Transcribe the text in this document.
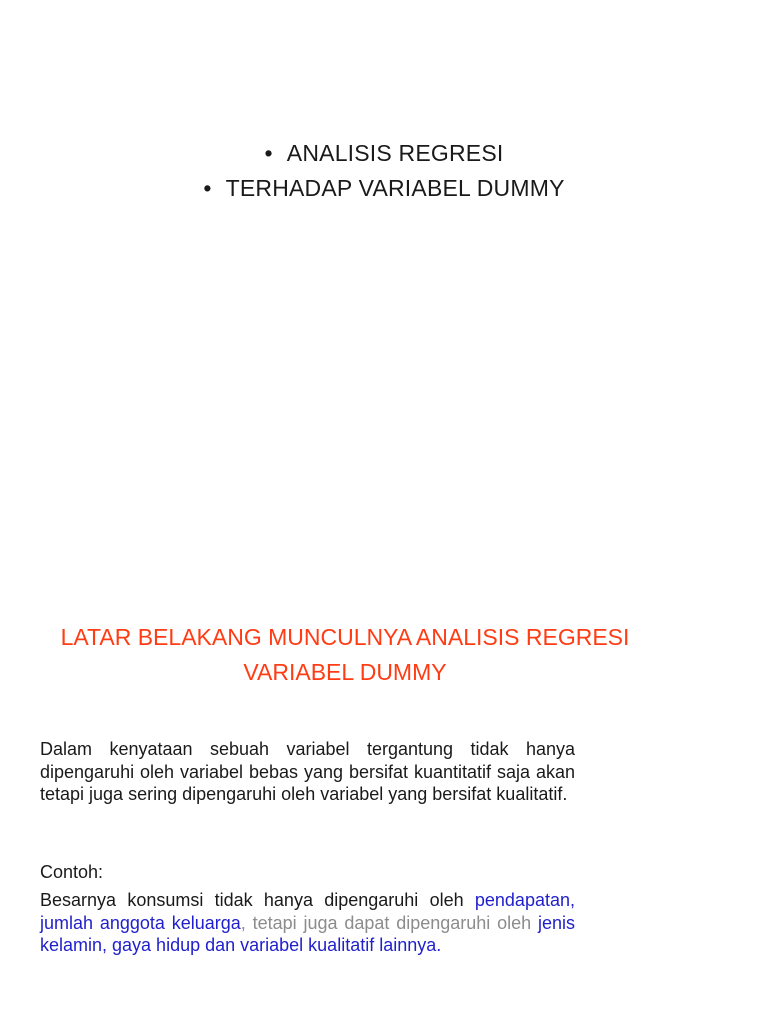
• ANALISIS REGRESI
• TERHADAP VARIABEL DUMMY
LATAR BELAKANG MUNCULNYA ANALISIS REGRESI
VARIABEL DUMMY

Dalam kenyataan sebuah variabel tergantung tidak hanya dipengaruhi oleh variabel bebas yang bersifat kuantitatif saja akan tetapi juga sering dipengaruhi oleh variabel yang bersifat kualitatif.

Contoh:

Besarnya konsumsi tidak hanya dipengaruhi oleh pendapatan, jumlah anggota keluarga, tetapi juga dapat dipengaruhi oleh jenis kelamin, gaya hidup dan variabel kualitatif lainnya.
